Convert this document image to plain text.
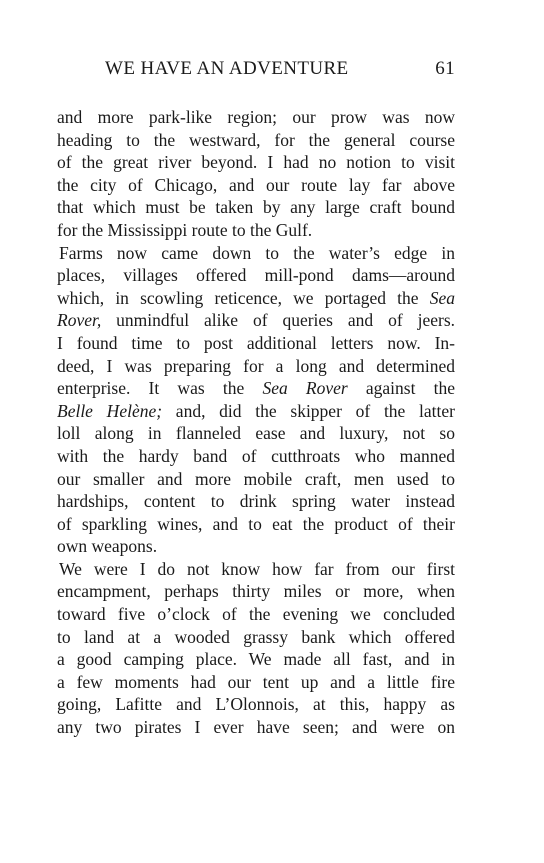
WE HAVE AN ADVENTURE	61
and more park-like region; our prow was now
heading to the westward, for the general course
of the great river beyond. I had no notion to visit
the city of Chicago, and our route lay far above
that which must be taken by any large craft bound
for the Mississippi route to the Gulf.
Farms now came down to the water’s edge in
places, villages offered mill-pond dams—around
which, in scowling reticence, we portaged the Sea
Rover, unmindful alike of queries and of jeers.
I found time to post additional letters now. In-
deed, I was preparing for a long and determined
enterprise. It was the Sea Rover against the
Belle Helène; and, did the skipper of the latter
loll along in flanneled ease and luxury, not so
with the hardy band of cutthroats who manned
our smaller and more mobile craft, men used to
hardships, content to drink spring water instead
of sparkling wines, and to eat the product of their
own weapons.
We were I do not know how far from our first
encampment, perhaps thirty miles or more, when
toward five o’clock of the evening we concluded
to land at a wooded grassy bank which offered
a good camping place. We made all fast, and in
a few moments had our tent up and a little fire
going, Lafitte and L’Olonnois, at this, happy as
any two pirates I ever have seen; and were on
